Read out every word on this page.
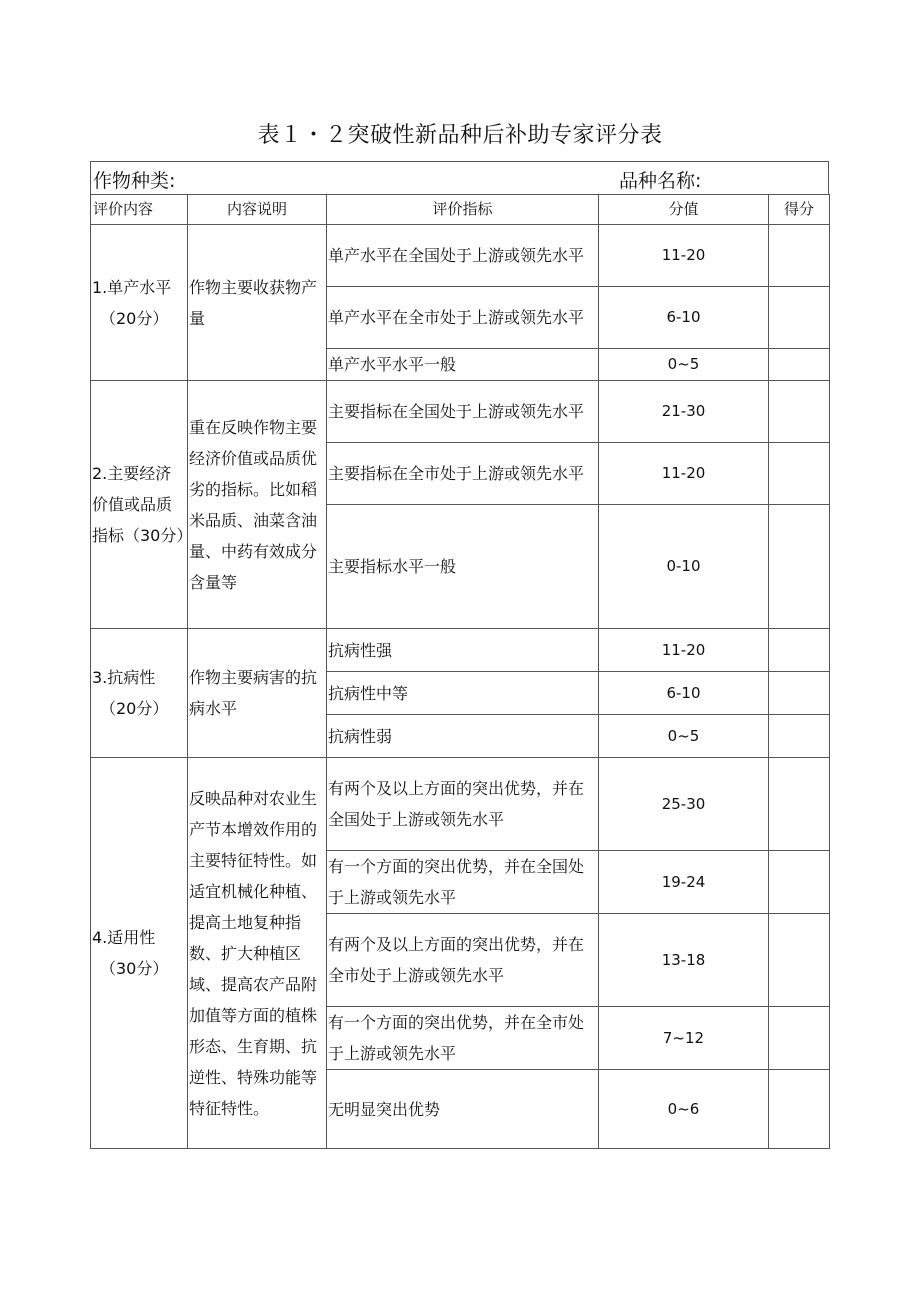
表１・２突破性新品种后补助专家评分表
作物种类:	品种名称:
评价内容	内容说明	评价指标	分值	得分
1.单产水平
（20分）	作物主要收获物产量	单产水平在全国处于上游或领先水平	11-20	
		单产水平在全市处于上游或领先水平	6-10	
		单产水平水平一般	0~5	
2.主要经济价值或品质指标（30分）	重在反映作物主要经济价值或品质优劣的指标。比如稻米品质、油菜含油量、中药有效成分含量等	主要指标在全国处于上游或领先水平	21-30	
		主要指标在全市处于上游或领先水平	11-20	
		主要指标水平一般	0-10	
3.抗病性
（20分）	作物主要病害的抗病水平	抗病性强	11-20	
		抗病性中等	6-10	
		抗病性弱	0~5	
4.适用性
（30分）	反映品种对农业生产节本增效作用的主要特征特性。如适宜机械化种植、提高土地复种指数、扩大种植区域、提高农产品附加值等方面的植株形态、生育期、抗逆性、特殊功能等特征特性。	有两个及以上方面的突出优势，并在全国处于上游或领先水平	25-30	
		有一个方面的突出优势，并在全国处于上游或领先水平	19-24	
		有两个及以上方面的突出优势，并在全市处于上游或领先水平	13-18	
		有一个方面的突出优势，并在全市处于上游或领先水平	7~12	
		无明显突出优势	0~6	
